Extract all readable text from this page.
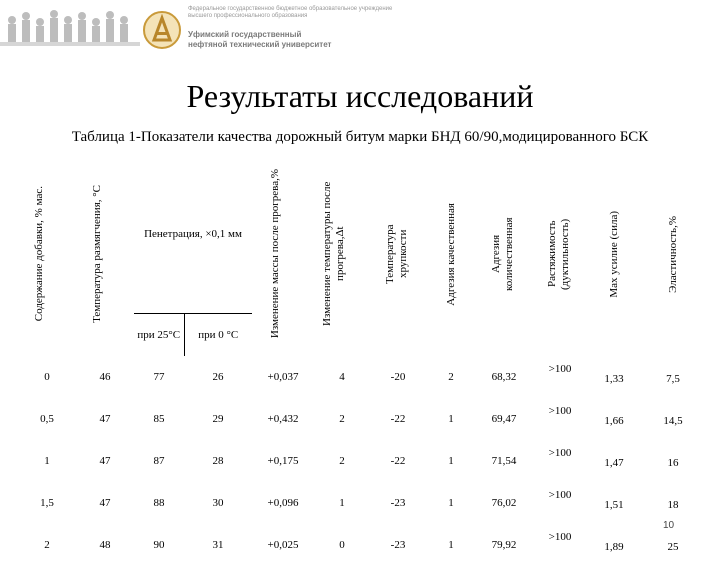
Федеральное государственное бюджетное образовательное учреждение высшего профессионального образования
Уфимский государственный
нефтяной технический университет
Результаты исследований
Таблица 1-Показатели качества дорожный битум марки БНД 60/90,модицированного БСК
Содержание добавки, % мас.	Температура размягчения, °С	Пенетрация, ×0,1 мм		Изменение массы после прогрева,%	Изменение температуры после прогрева,Δt	Температура хрупкости	Адгезия качественная	Адгезия количественная	Растяжимость (дуктильность)	Мах усилие (сила)	Эластичность,%

		при 25°С	при 0 °С								

0	46	77	26	+0,037	4	-20	2	68,32	>100	1,33	7,5

0,5	47	85	29	+0,432	2	-22	1	69,47	>100	1,66	14,5

1	47	87	28	+0,175	2	-22	1	71,54	>100	1,47	16

1,5	47	88	30	+0,096	1	-23	1	76,02	>100	1,51	18

2	48	90	31	+0,025	0	-23	1	79,92	>100	1,89	25
10
